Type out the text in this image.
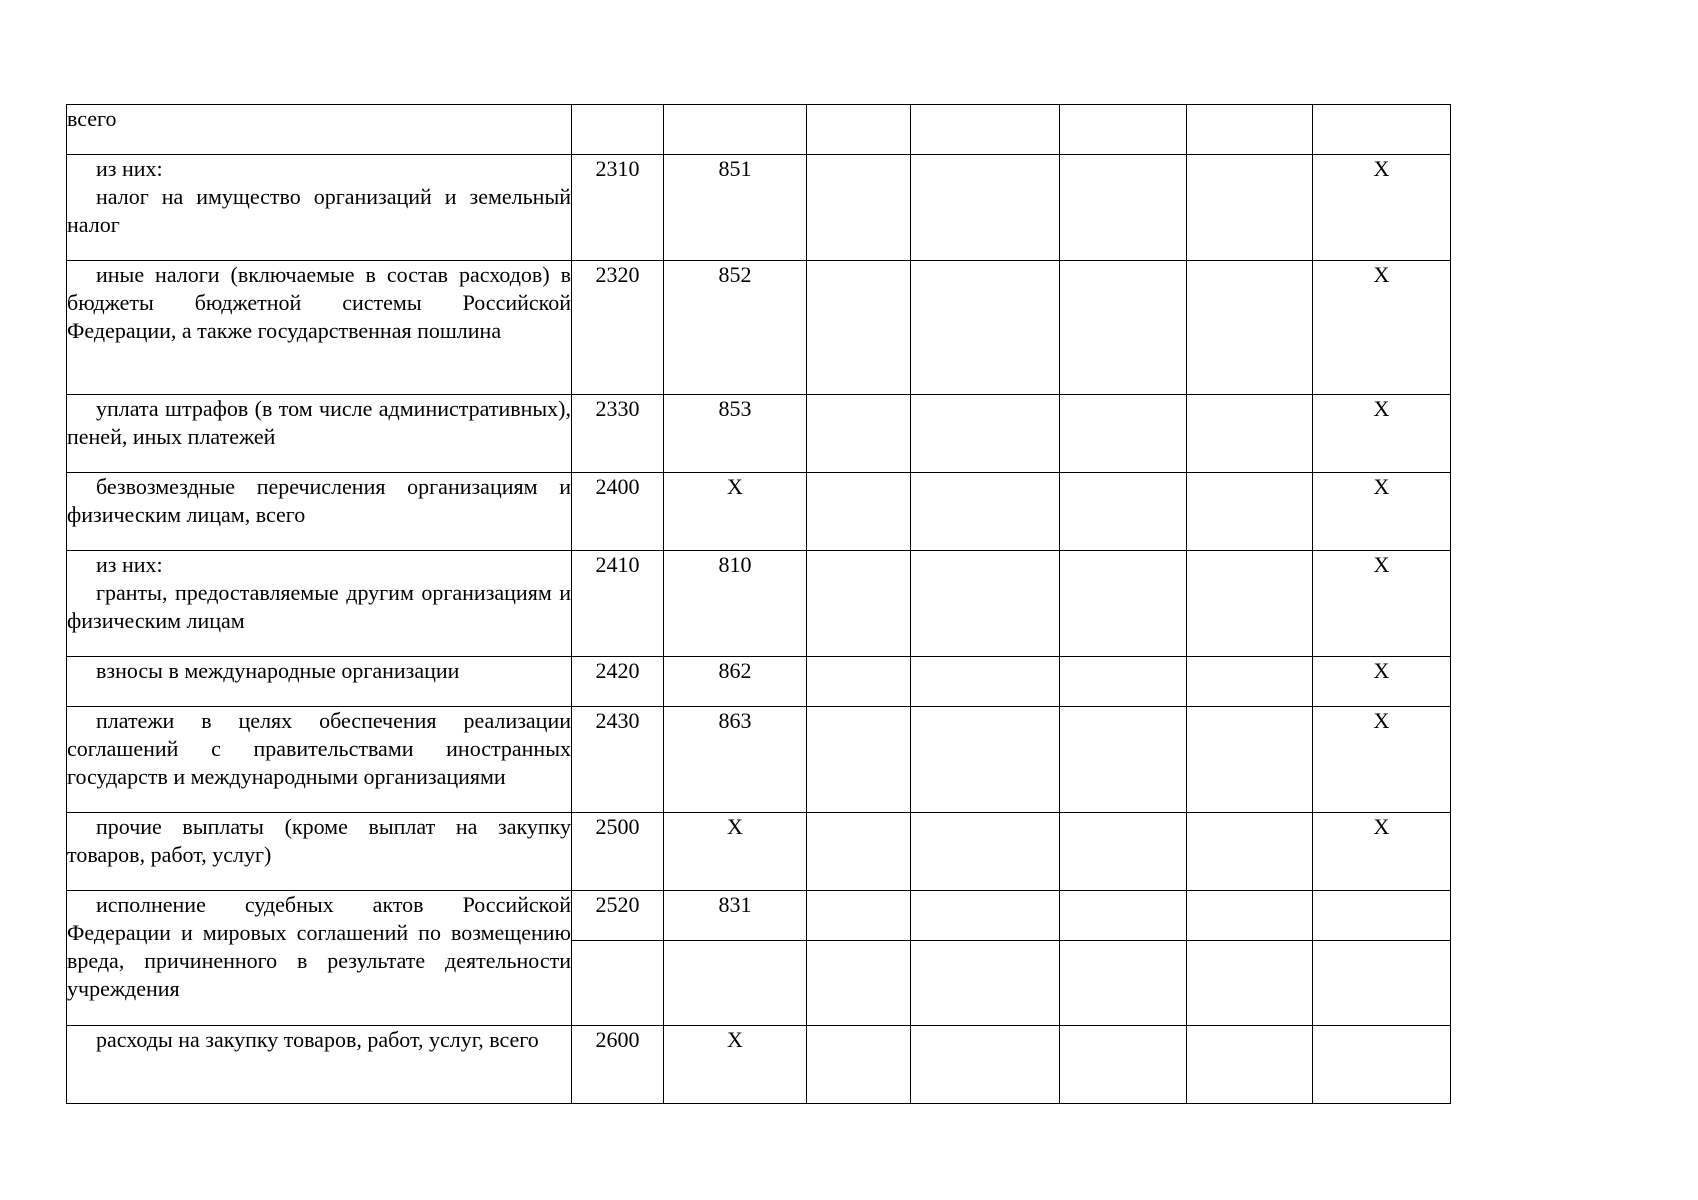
всего							

из них:
налог на имущество организаций и земельный налог	2310	851					X

иные налоги (включаемые в состав расходов) в бюджеты бюджетной системы Российской Федерации, а также государственная пошлина	2320	852					X

уплата штрафов (в том числе административных), пеней, иных платежей	2330	853					X

безвозмездные перечисления организациям и физическим лицам, всего	2400	X					X

из них:
гранты, предоставляемые другим организациям и физическим лицам	2410	810					X

взносы в международные организации	2420	862					X

платежи в целях обеспечения реализации соглашений с правительствами иностранных государств и международными организациями	2430	863					X

прочие выплаты (кроме выплат на закупку товаров, работ, услуг)	2500	X					X

исполнение судебных актов Российской Федерации и мировых соглашений по возмещению вреда, причиненного в результате деятельности учреждения	2520	831					

расходы на закупку товаров, работ, услуг, всего	2600	X					
